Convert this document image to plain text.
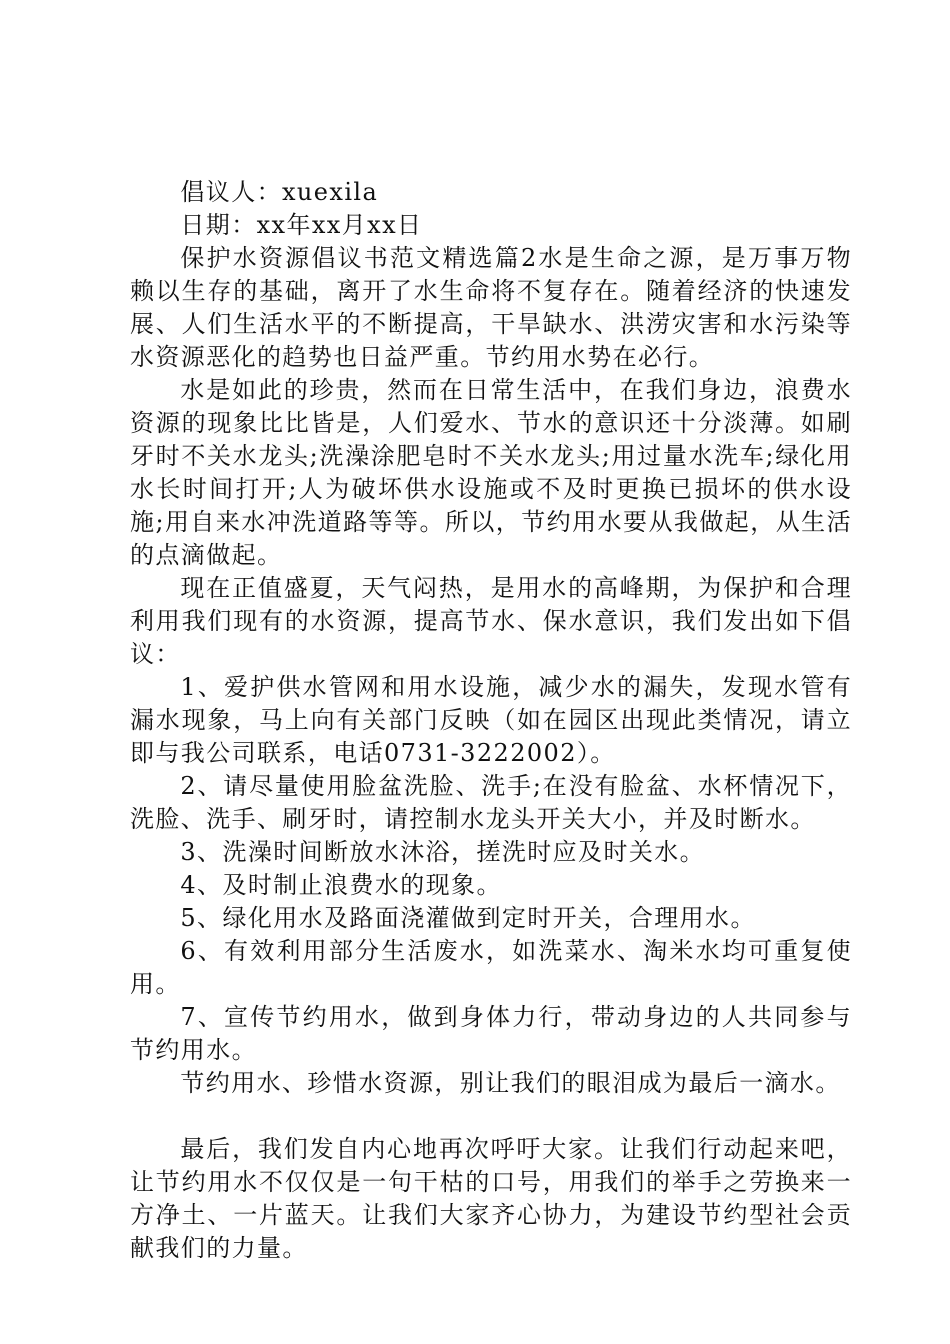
倡议人：xuexila

日期：xx年xx月xx日

保护水资源倡议书范文精选篇2水是生命之源，是万事万物赖以生存的基础，离开了水生命将不复存在。随着经济的快速发展、人们生活水平的不断提高，干旱缺水、洪涝灾害和水污染等水资源恶化的趋势也日益严重。节约用水势在必行。

水是如此的珍贵，然而在日常生活中，在我们身边，浪费水资源的现象比比皆是，人们爱水、节水的意识还十分淡薄。如刷牙时不关水龙头;洗澡涂肥皂时不关水龙头;用过量水洗车;绿化用水长时间打开;人为破坏供水设施或不及时更换已损坏的供水设施;用自来水冲洗道路等等。所以，节约用水要从我做起，从生活的点滴做起。

现在正值盛夏，天气闷热，是用水的高峰期，为保护和合理利用我们现有的水资源，提高节水、保水意识，我们发出如下倡议：

1、爱护供水管网和用水设施，减少水的漏失，发现水管有漏水现象，马上向有关部门反映（如在园区出现此类情况，请立即与我公司联系，电话0731-3222002）。

2、请尽量使用脸盆洗脸、洗手;在没有脸盆、水杯情况下，洗脸、洗手、刷牙时，请控制水龙头开关大小，并及时断水。

3、洗澡时间断放水沐浴，搓洗时应及时关水。

4、及时制止浪费水的现象。

5、绿化用水及路面浇灌做到定时开关，合理用水。

6、有效利用部分生活废水，如洗菜水、淘米水均可重复使用。

7、宣传节约用水，做到身体力行，带动身边的人共同参与节约用水。

节约用水、珍惜水资源，别让我们的眼泪成为最后一滴水。

最后，我们发自内心地再次呼吁大家。让我们行动起来吧，让节约用水不仅仅是一句干枯的口号，用我们的举手之劳换来一方净土、一片蓝天。让我们大家齐心协力，为建设节约型社会贡献我们的力量。
